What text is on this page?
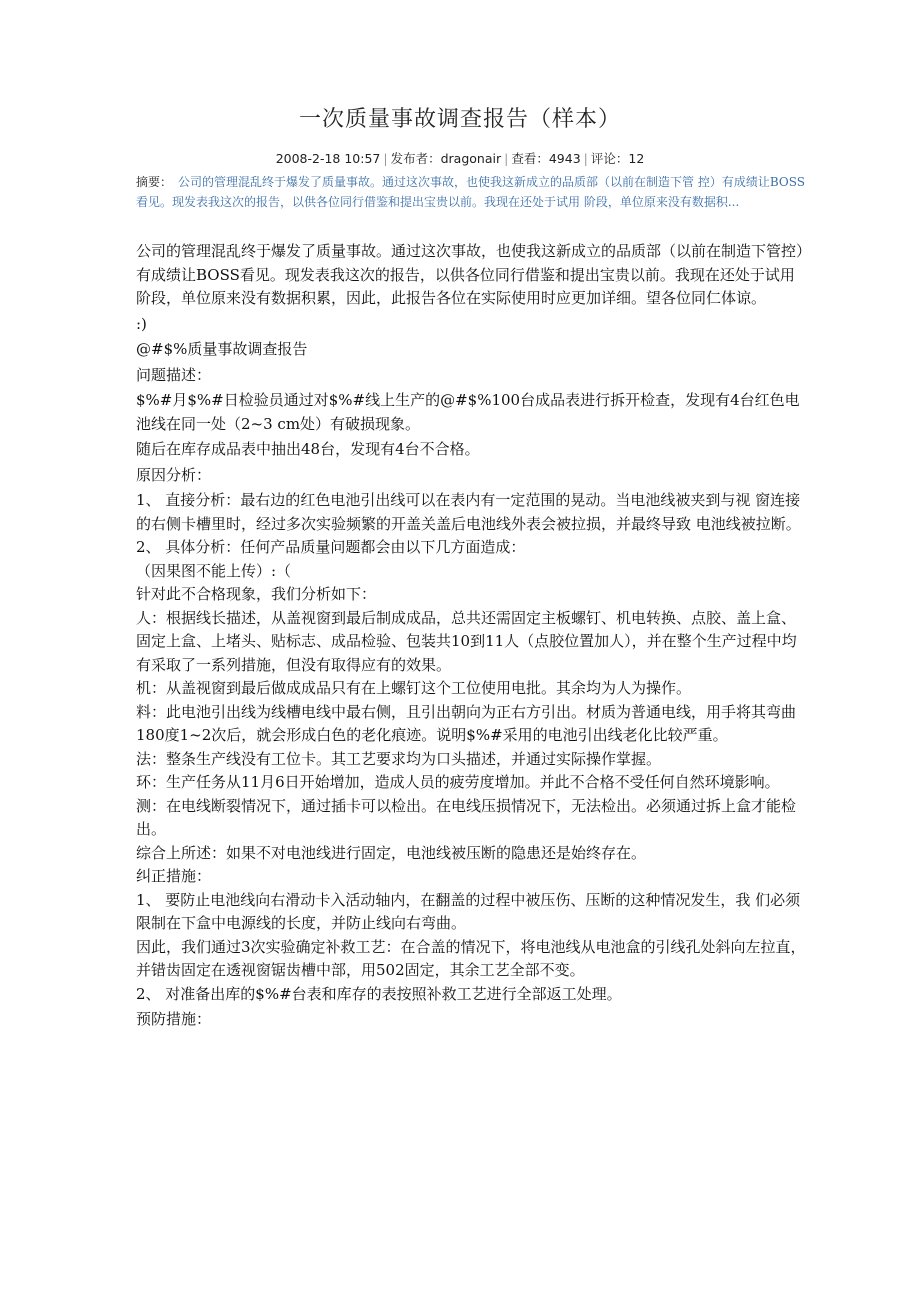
一次质量事故调查报告（样本）
2008-2-18 10:57 | 发布者：dragonair | 查看：4943 | 评论：12

摘要： 公司的管理混乱终于爆发了质量事故。通过这次事故，也使我这新成立的品质部（以前在制造下管 控）有成绩让BOSS看见。现发表我这次的报告，以供各位同行借鉴和提出宝贵以前。我现在还处于试用 阶段，单位原来没有数据积...

公司的管理混乱终于爆发了质量事故。通过这次事故，也使我这新成立的品质部（以前在制造下管控）有成绩让BOSS看见。现发表我这次的报告，以供各位同行借鉴和提出宝贵以前。我现在还处于试用阶段，单位原来没有数据积累，因此，此报告各位在实际使用时应更加详细。望各位同仁体谅。

:)

@#$%质量事故调查报告

问题描述：

$%#月$%#日检验员通过对$%#线上生产的@#$%100台成品表进行拆开检查，发现有4台红色电池线在同一处（2~3 cm处）有破损现象。

随后在库存成品表中抽出48台，发现有4台不合格。

原因分析：

1、 直接分析：最右边的红色电池引出线可以在表内有一定范围的晃动。当电池线被夹到与视 窗连接的右侧卡槽里时，经过多次实验频繁的开盖关盖后电池线外表会被拉损，并最终导致 电池线被拉断。

2、 具体分析：任何产品质量问题都会由以下几方面造成：

（因果图不能上传）:（

针对此不合格现象，我们分析如下：

人：根据线长描述，从盖视窗到最后制成成品，总共还需固定主板螺钉、机电转换、点胶、盖上盒、固定上盒、上堵头、贴标志、成品检验、包装共10到11人（点胶位置加人），并在整个生产过程中均有采取了一系列措施，但没有取得应有的效果。

机：从盖视窗到最后做成成品只有在上螺钉这个工位使用电批。其余均为人为操作。

料：此电池引出线为线槽电线中最右侧，且引出朝向为正右方引出。材质为普通电线，用手将其弯曲180度1~2次后，就会形成白色的老化痕迹。说明$%#采用的电池引出线老化比较严重。

法：整条生产线没有工位卡。其工艺要求均为口头描述，并通过实际操作掌握。

环：生产任务从11月6日开始增加，造成人员的疲劳度增加。并此不合格不受任何自然环境影响。

测：在电线断裂情况下，通过插卡可以检出。在电线压损情况下，无法检出。必须通过拆上盒才能检出。

综合上所述：如果不对电池线进行固定，电池线被压断的隐患还是始终存在。

纠正措施：

1、 要防止电池线向右滑动卡入活动轴内，在翻盖的过程中被压伤、压断的这种情况发生，我 们必须限制在下盒中电源线的长度，并防止线向右弯曲。

因此，我们通过3次实验确定补救工艺：在合盖的情况下，将电池线从电池盒的引线孔处斜向左拉直，并错齿固定在透视窗锯齿槽中部，用502固定，其余工艺全部不变。

2、 对准备出库的$%#台表和库存的表按照补救工艺进行全部返工处理。

预防措施：
